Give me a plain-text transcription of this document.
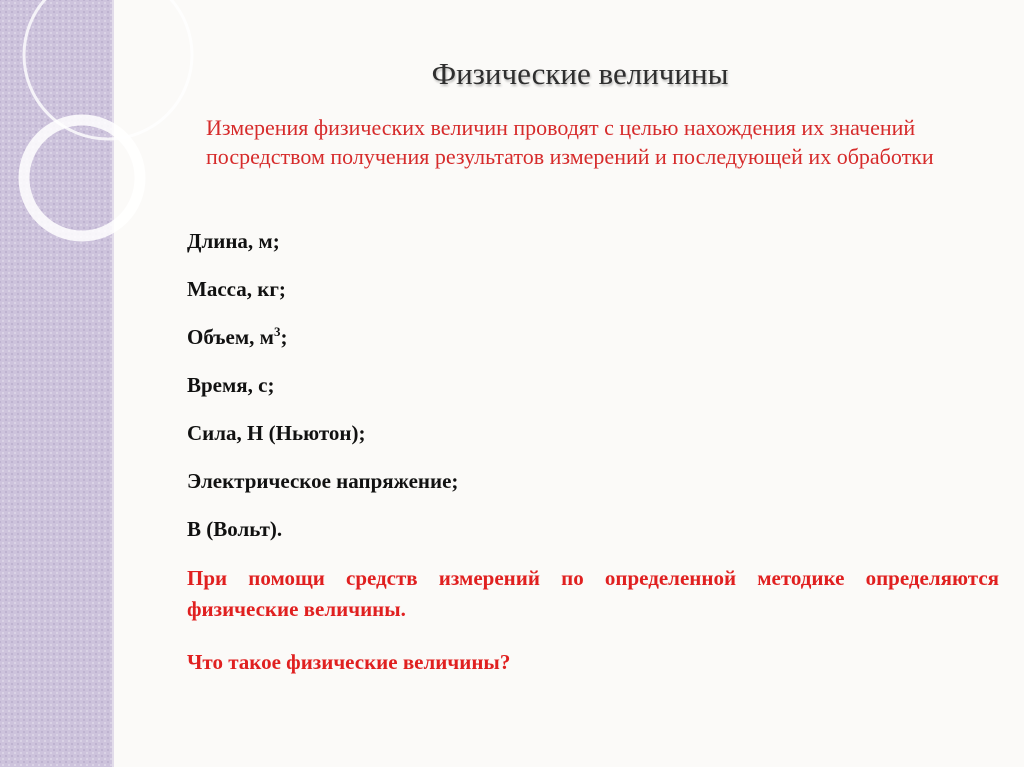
Физические величины
Измерения физических величин проводят с целью нахождения их значений посредством получения результатов измерений и последующей их обработки
Длина, м;
Масса, кг;
Объем, $м^3$;
Время, с;
Сила, Н (Ньютон);
Электрическое напряжение;
В (Вольт).
При помощи средств измерений по определенной методике определяются физические величины.
Что такое физические величины?
